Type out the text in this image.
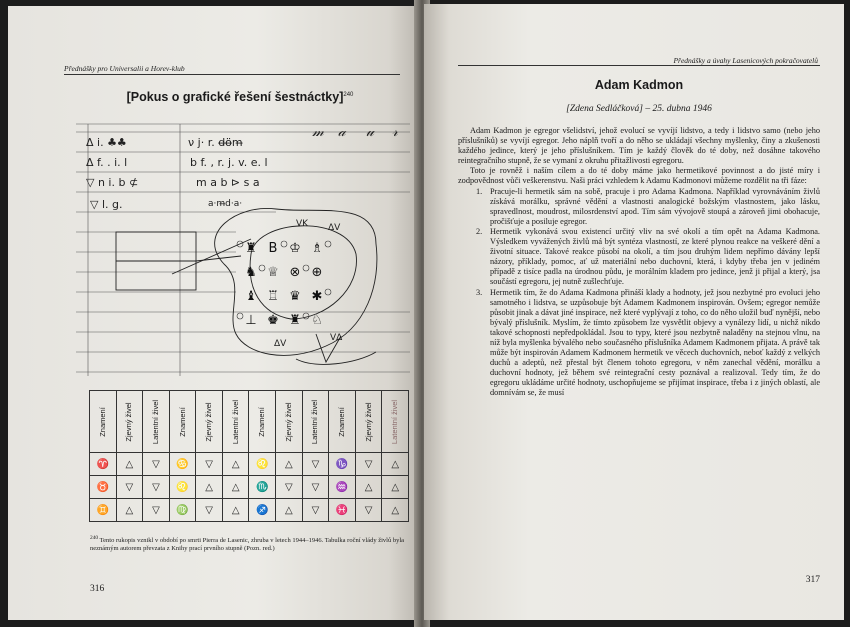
Přednášky pro Universalii a Horev-klub
[Pokus o grafické řešení šestnáctky]$^{240}$
𝓂 𝒶 𝓊 𝓇
Δ i. ♣♣
Δ f. . i. l
▽ n i. b ⊄
▽ l. g.
ν j· r. d̶ö̶m̶
b f. , r. j. v. e. l
m a b ⊳ s a
a·m̶d·a·
♜ B ♔ ♗
♞ ♕ ⊗ ⊕
♝ ♖ ♛ ✱
⊥ ♚ ♜ ♘
ΔV
VK
VΔ
ΔV
Znamení	Zjevný živel	Latentní živel	Znamení	Zjevný živel	Latentní živel	Znamení	Zjevný živel	Latentní živel	Znamení	Zjevný živel	Latentní živel

♈	△	▽	♋	▽	△	♌	△	▽	♑	▽	△
♉	▽	▽	♌	△	△	♏	▽	▽	♒	△	△
♊	△	▽	♍	▽	△	♐	△	▽	♓	▽	△
$^{240}$ Tento rukopis vznikl v období po smrti Pierra de Lasenic, zhruba v letech 1944–1946. Tabulka roční vlády živlů byla neznámým autorem převzata z Knihy prací prvního stupně (Pozn. red.)
316
Přednášky a úvahy Lasenicových pokračovatelů
Adam Kadmon
[Zdena Sedláčková] – 25. dubna 1946

Adam Kadmon je egregor všelidství, jehož evolucí se vyvíjí lidstvo, a tedy i lidstvo samo (nebo jeho příslušníků) se vyvíjí egregor. Jeho náplň tvoří a do něho se ukládají všechny myšlenky, činy a zkušenosti každého jedince, který je jeho příslušníkem. Tím je každý člověk do té doby, než dosáhne takového reintegračního stupně, že se vymaní z okruhu přitažlivosti egregoru.

Toto je rovněž i naším cílem a do té doby máme jako hermetikové povinnost a do jisté míry i zodpovědnost vůči veškerenstvu. Naši práci vzhledem k Adamu Kadmonovi můžeme rozdělit na tři fáze:

1. Pracuje-li hermetik sám na sobě, pracuje i pro Adama Kadmona. Například vyrovnáváním živlů získává morálku, správné vědění a vlastnosti analogické božským vlastnostem, jako lásku, spravedlnost, moudrost, milosrdenství apod. Tím sám vývojově stoupá a zároveň jimi obohacuje, pročišťuje a posiluje egregor.
2. Hermetik vykonává svou existencí určitý vliv na své okolí a tím opět na Adama Kadmona. Výsledkem vyvážených živlů má být syntéza vlastností, ze které plynou reakce na veškeré dění a životní situace. Takové reakce působí na okolí, a tím jsou druhým lidem nepřímo dávány lepší názory, příklady, pomoc, ať už materiální nebo duchovní, která, i kdyby třeba jen v jediném případě z tisíce padla na úrodnou půdu, je morálním kladem pro jedince, jenž ji přijal a který, jsa součástí egregoru, jej nutně zušlechťuje.
3. Hermetik tím, že do Adama Kadmona přináší klady a hodnoty, jež jsou nezbytné pro evoluci jeho samotného i lidstva, se uzpůsobuje být Adamem Kadmonem inspirován. Ovšem; egregor nemůže působit jinak a dávat jiné inspirace, než které vyplývají z toho, co do něho uložil buď nynější, nebo bývalý příslušník. Myslím, že tímto způsobem lze vysvětlit objevy a vynálezy lidí, u nichž nikdo takové schopnosti nepředpokládal. Jsou to typy, které jsou nezbytně naladěny na stejnou vlnu, na níž byla myšlenka bývalého nebo současného příslušníka Adamem Kadmonem přijata. A právě tak může být inspirován Adamem Kadmonem hermetik ve věcech duchovních, neboť každý z velkých duchů a adeptů, než přestal být členem tohoto egregoru, v něm zanechal vědění, morálku a duchovní hodnoty, jež během své reintegrační cesty poznával a realizoval. Tedy tím, že do egregoru ukládáme určité hodnoty, uschopňujeme se přijímat inspirace, třeba i z jiných oblastí, ale domnívám se, že musí
317
